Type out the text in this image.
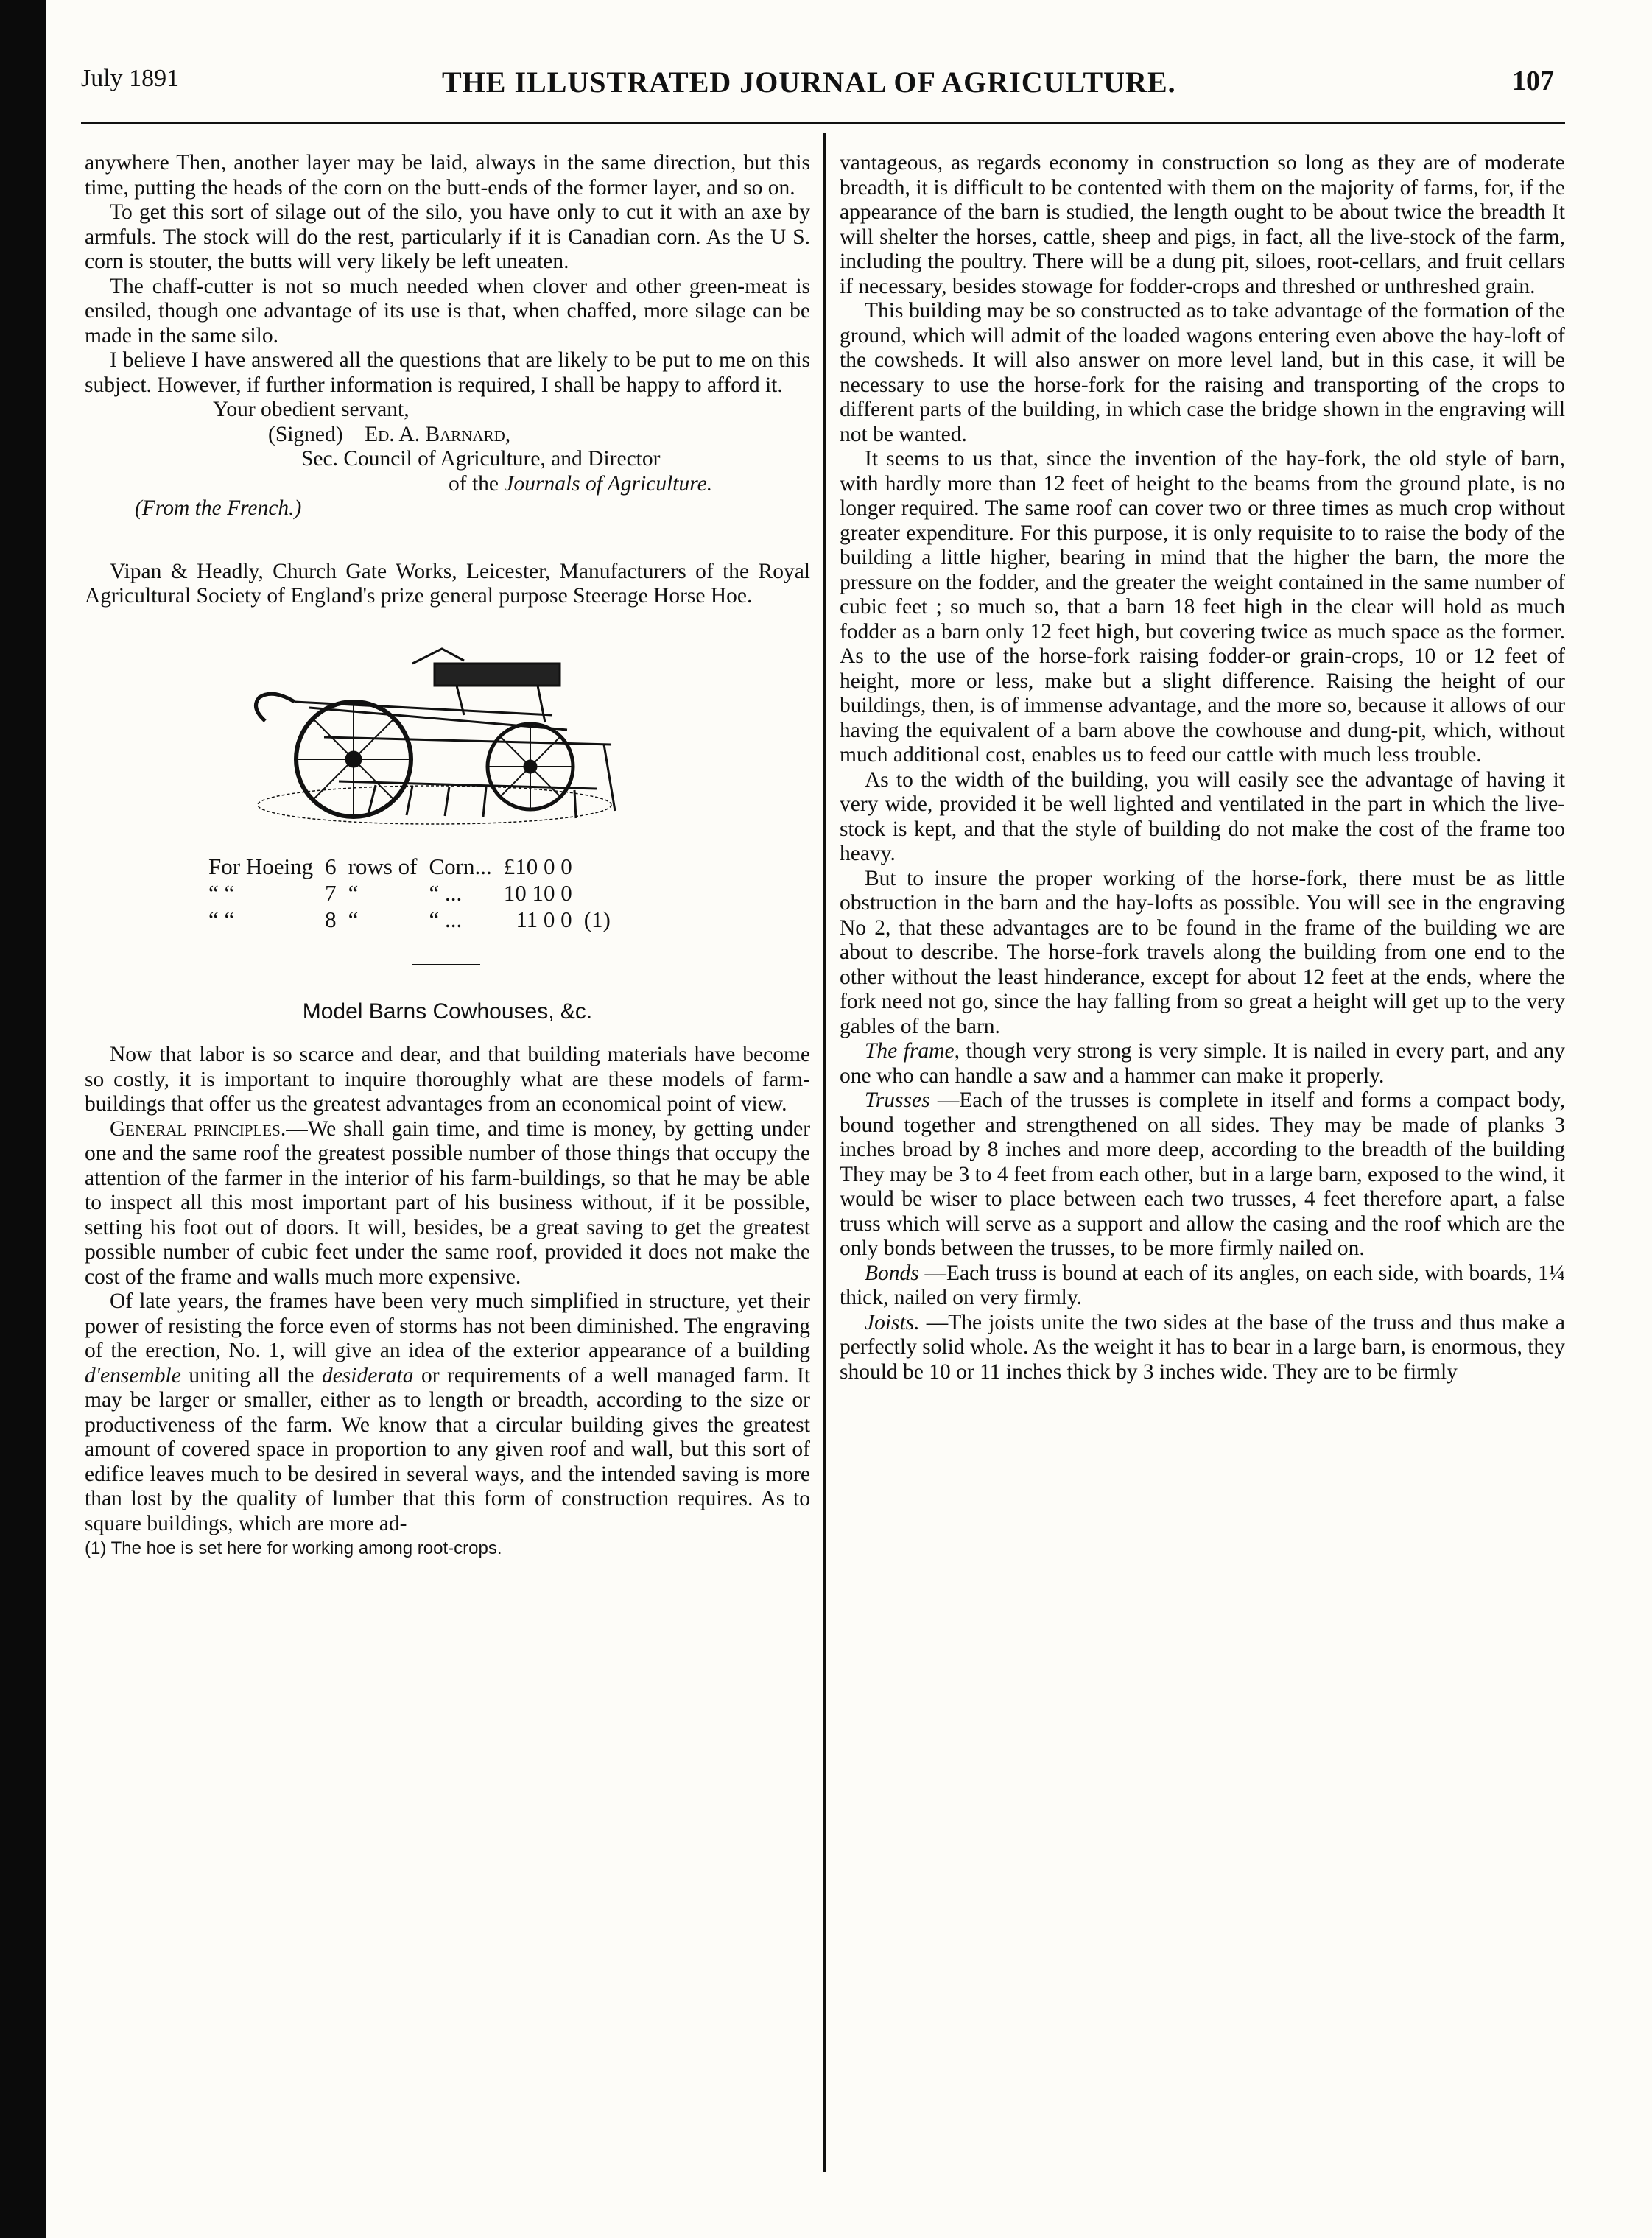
July 1891	THE ILLUSTRATED JOURNAL OF AGRICULTURE.	107

anywhere Then, another layer may be laid, always in the same direction, but this time, putting the heads of the corn on the butt-ends of the former layer, and so on.

To get this sort of silage out of the silo, you have only to cut it with an axe by armfuls. The stock will do the rest, particularly if it is Canadian corn. As the U S. corn is stouter, the butts will very likely be left uneaten.

The chaff-cutter is not so much needed when clover and other green-meat is ensiled, though one advantage of its use is that, when chaffed, more silage can be made in the same silo.

I believe I have answered all the questions that are likely to be put to me on this subject. However, if further information is required, I shall be happy to afford it.

Your obedient servant,

(Signed) Ed. A. Barnard,

Sec. Council of Agriculture, and Director

of the Journals of Agriculture.

(From the French.)

Vipan & Headly, Church Gate Works, Leicester, Manufacturers of the Royal Agricultural Society of England's prize general purpose Steerage Horse Hoe.

For Hoeing	6	rows of	Corn...	£10 0 0	
“ “	7	“	“ ...	10 10 0	
“ “	8	“	“ ...	11 0 0	(1)
Model Barns Cowhouses, &c.

Now that labor is so scarce and dear, and that building materials have become so costly, it is important to inquire thoroughly what are these models of farm-buildings that offer us the greatest advantages from an economical point of view.

General principles.—We shall gain time, and time is money, by getting under one and the same roof the greatest possible number of those things that occupy the attention of the farmer in the interior of his farm-buildings, so that he may be able to inspect all this most important part of his business without, if it be possible, setting his foot out of doors. It will, besides, be a great saving to get the greatest possible number of cubic feet under the same roof, provided it does not make the cost of the frame and walls much more expensive.

Of late years, the frames have been very much simplified in structure, yet their power of resisting the force even of storms has not been diminished. The engraving of the erection, No. 1, will give an idea of the exterior appearance of a building d'ensemble uniting all the desiderata or requirements of a well managed farm. It may be larger or smaller, either as to length or breadth, according to the size or productiveness of the farm. We know that a circular building gives the greatest amount of covered space in proportion to any given roof and wall, but this sort of edifice leaves much to be desired in several ways, and the intended saving is more than lost by the quality of lumber that this form of construction requires. As to square buildings, which are more ad-

(1) The hoe is set here for working among root-crops.

vantageous, as regards economy in construction so long as they are of moderate breadth, it is difficult to be contented with them on the majority of farms, for, if the appearance of the barn is studied, the length ought to be about twice the breadth It will shelter the horses, cattle, sheep and pigs, in fact, all the live-stock of the farm, including the poultry. There will be a dung pit, siloes, root-cellars, and fruit cellars if necessary, besides stowage for fodder-crops and threshed or unthreshed grain.

This building may be so constructed as to take advantage of the formation of the ground, which will admit of the loaded wagons entering even above the hay-loft of the cowsheds. It will also answer on more level land, but in this case, it will be necessary to use the horse-fork for the raising and transporting of the crops to different parts of the building, in which case the bridge shown in the engraving will not be wanted.

It seems to us that, since the invention of the hay-fork, the old style of barn, with hardly more than 12 feet of height to the beams from the ground plate, is no longer required. The same roof can cover two or three times as much crop without greater expenditure. For this purpose, it is only requisite to to raise the body of the building a little higher, bearing in mind that the higher the barn, the more the pressure on the fodder, and the greater the weight contained in the same number of cubic feet ; so much so, that a barn 18 feet high in the clear will hold as much fodder as a barn only 12 feet high, but covering twice as much space as the former. As to the use of the horse-fork raising fodder-or grain-crops, 10 or 12 feet of height, more or less, make but a slight difference. Raising the height of our buildings, then, is of immense advantage, and the more so, because it allows of our having the equivalent of a barn above the cowhouse and dung-pit, which, without much additional cost, enables us to feed our cattle with much less trouble.

As to the width of the building, you will easily see the advantage of having it very wide, provided it be well lighted and ventilated in the part in which the live-stock is kept, and that the style of building do not make the cost of the frame too heavy.

But to insure the proper working of the horse-fork, there must be as little obstruction in the barn and the hay-lofts as possible. You will see in the engraving No 2, that these advantages are to be found in the frame of the building we are about to describe. The horse-fork travels along the building from one end to the other without the least hinderance, except for about 12 feet at the ends, where the fork need not go, since the hay falling from so great a height will get up to the very gables of the barn.

The frame, though very strong is very simple. It is nailed in every part, and any one who can handle a saw and a hammer can make it properly.

Trusses —Each of the trusses is complete in itself and forms a compact body, bound together and strengthened on all sides. They may be made of planks 3 inches broad by 8 inches and more deep, according to the breadth of the building They may be 3 to 4 feet from each other, but in a large barn, exposed to the wind, it would be wiser to place between each two trusses, 4 feet therefore apart, a false truss which will serve as a support and allow the casing and the roof which are the only bonds between the trusses, to be more firmly nailed on.

Bonds —Each truss is bound at each of its angles, on each side, with boards, 1¼ thick, nailed on very firmly.

Joists. —The joists unite the two sides at the base of the truss and thus make a perfectly solid whole. As the weight it has to bear in a large barn, is enormous, they should be 10 or 11 inches thick by 3 inches wide. They are to be firmly
